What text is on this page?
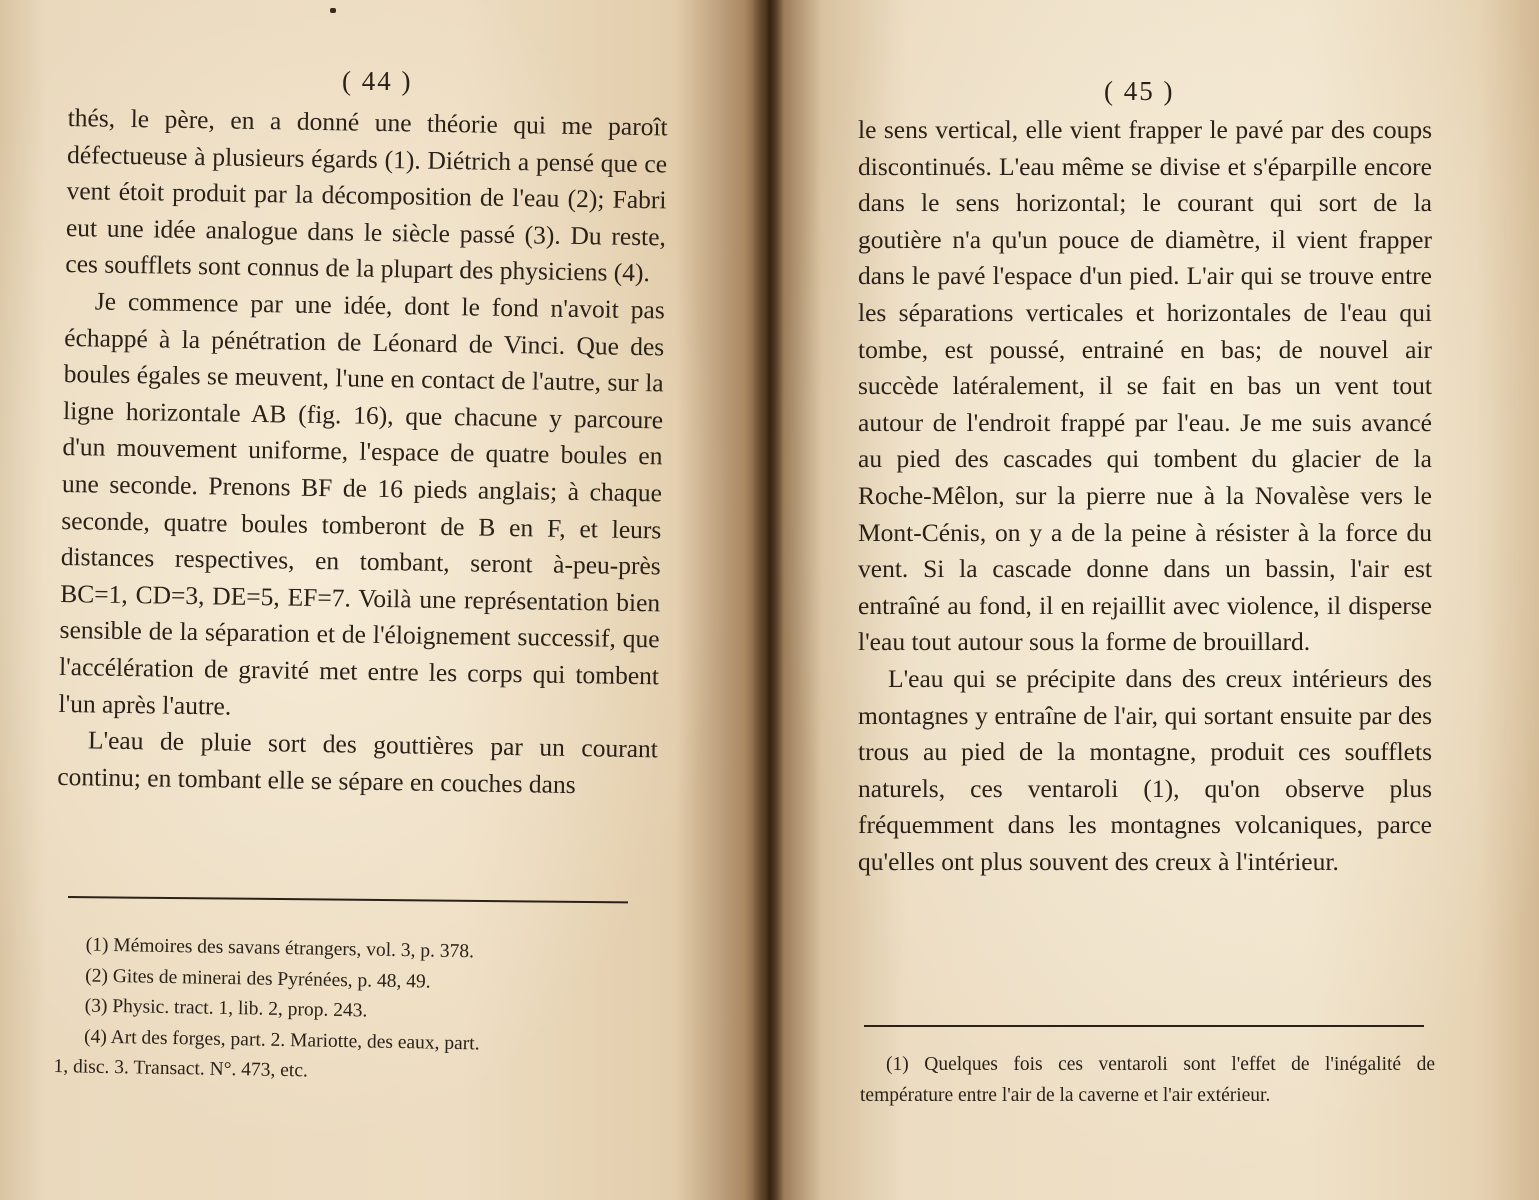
( 44 )

thés, le père, en a donné une théorie qui me paroît défectueuse à plusieurs égards (1). Diétrich a pensé que ce vent étoit produit par la décomposition de l'eau (2); Fabri eut une idée analogue dans le siècle passé (3). Du reste, ces soufflets sont connus de la plupart des physiciens (4).

Je commence par une idée, dont le fond n'avoit pas échappé à la pénétration de Léonard de Vinci. Que des boules égales se meuvent, l'une en contact de l'autre, sur la ligne horizontale AB (fig. 16), que chacune y parcoure d'un mouvement uniforme, l'espace de quatre boules en une seconde. Prenons BF de 16 pieds anglais; à chaque seconde, quatre boules tomberont de B en F, et leurs distances respectives, en tombant, seront à-peu-près BC=1, CD=3, DE=5, EF=7. Voilà une représentation bien sensible de la séparation et de l'éloignement successif, que l'accélération de gravité met entre les corps qui tombent l'un après l'autre.

L'eau de pluie sort des gouttières par un courant continu; en tombant elle se sépare en couches dans

(1) Mémoires des savans étrangers, vol. 3, p. 378.

(2) Gites de minerai des Pyrénées, p. 48, 49.

(3) Physic. tract. 1, lib. 2, prop. 243.

(4) Art des forges, part. 2. Mariotte, des eaux, part.

1, disc. 3. Transact. N°. 473, etc.

( 45 )

le sens vertical, elle vient frapper le pavé par des coups discontinués. L'eau même se divise et s'éparpille encore dans le sens horizontal; le courant qui sort de la goutière n'a qu'un pouce de diamètre, il vient frapper dans le pavé l'espace d'un pied. L'air qui se trouve entre les séparations verticales et horizontales de l'eau qui tombe, est poussé, entrainé en bas; de nouvel air succède latéralement, il se fait en bas un vent tout autour de l'endroit frappé par l'eau. Je me suis avancé au pied des cascades qui tombent du glacier de la Roche-Mêlon, sur la pierre nue à la Novalèse vers le Mont-Cénis, on y a de la peine à résister à la force du vent. Si la cascade donne dans un bassin, l'air est entraîné au fond, il en rejaillit avec violence, il disperse l'eau tout autour sous la forme de brouillard.

L'eau qui se précipite dans des creux intérieurs des montagnes y entraîne de l'air, qui sortant ensuite par des trous au pied de la montagne, produit ces soufflets naturels, ces ventaroli (1), qu'on observe plus fréquemment dans les montagnes volcaniques, parce qu'elles ont plus souvent des creux à l'intérieur.

(1) Quelques fois ces ventaroli sont l'effet de l'inégalité de température entre l'air de la caverne et l'air extérieur.
